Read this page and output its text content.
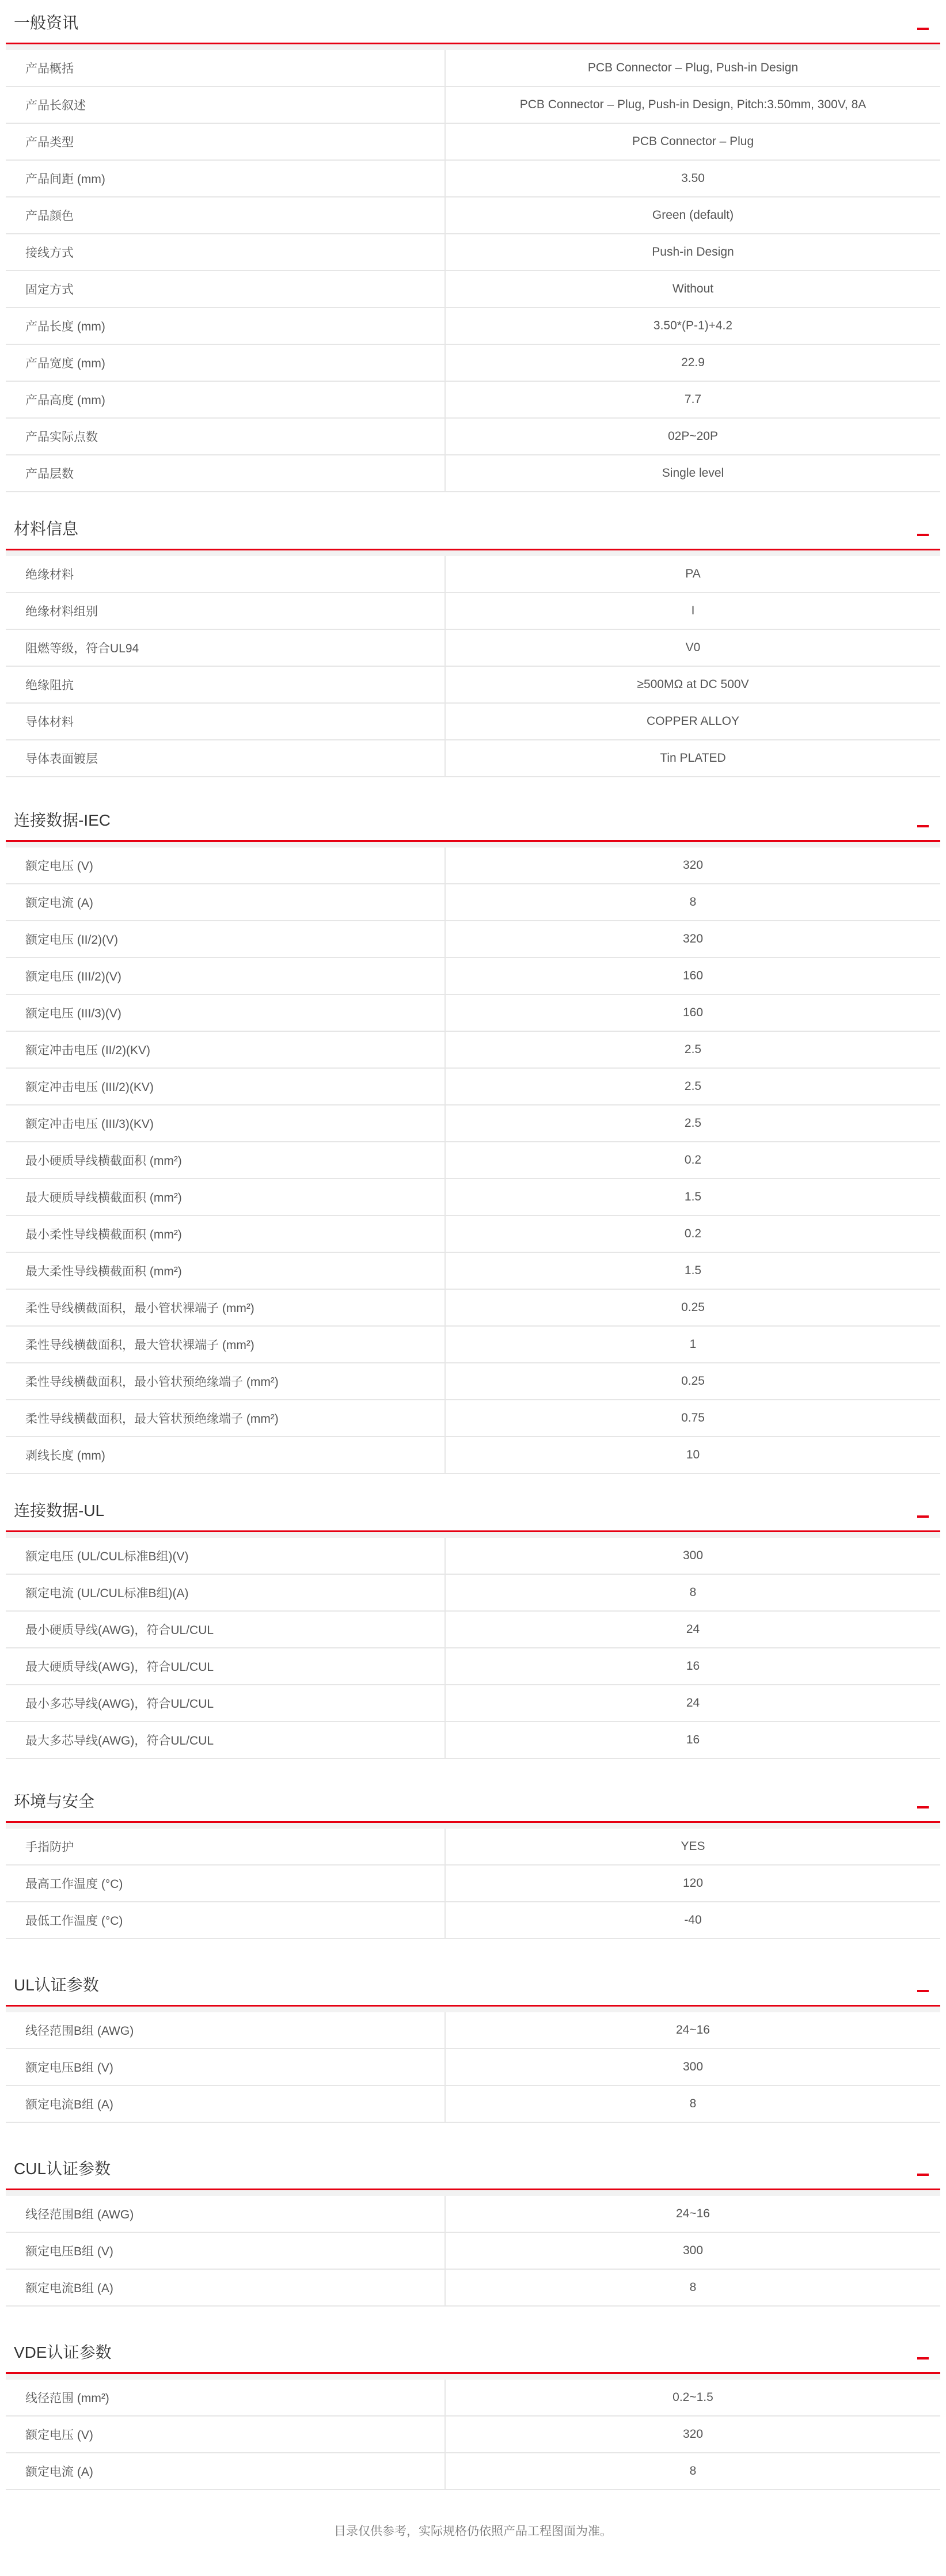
一般资讯
产品概括	PCB Connector – Plug, Push-in Design
产品长叙述	PCB Connector – Plug, Push-in Design, Pitch:3.50mm, 300V, 8A
产品类型	PCB Connector – Plug
产品间距 (mm)	3.50
产品颜色	Green (default)
接线方式	Push-in Design
固定方式	Without
产品长度 (mm)	3.50*(P-1)+4.2
产品宽度 (mm)	22.9
产品高度 (mm)	7.7
产品实际点数	02P~20P
产品层数	Single level
材料信息
绝缘材料	PA
绝缘材料组别	I
阻燃等级，符合UL94	V0
绝缘阻抗	≥500MΩ at DC 500V
导体材料	COPPER ALLOY
导体表面镀层	Tin PLATED
连接数据-IEC
额定电压 (V)	320
额定电流 (A)	8
额定电压 (II/2)(V)	320
额定电压 (III/2)(V)	160
额定电压 (III/3)(V)	160
额定冲击电压 (II/2)(KV)	2.5
额定冲击电压 (III/2)(KV)	2.5
额定冲击电压 (III/3)(KV)	2.5
最小硬质导线横截面积 (mm²)	0.2
最大硬质导线横截面积 (mm²)	1.5
最小柔性导线横截面积 (mm²)	0.2
最大柔性导线横截面积 (mm²)	1.5
柔性导线横截面积，最小管状裸端子 (mm²)	0.25
柔性导线横截面积，最大管状裸端子 (mm²)	1
柔性导线横截面积，最小管状预绝缘端子 (mm²)	0.25
柔性导线横截面积，最大管状预绝缘端子 (mm²)	0.75
剥线长度 (mm)	10
连接数据-UL
额定电压 (UL/CUL标准B组)(V)	300
额定电流 (UL/CUL标准B组)(A)	8
最小硬质导线(AWG)，符合UL/CUL	24
最大硬质导线(AWG)，符合UL/CUL	16
最小多芯导线(AWG)，符合UL/CUL	24
最大多芯导线(AWG)，符合UL/CUL	16
环境与安全
手指防护	YES
最高工作温度 (°C)	120
最低工作温度 (°C)	-40
UL认证参数
线径范围B组 (AWG)	24~16
额定电压B组 (V)	300
额定电流B组 (A)	8
CUL认证参数
线径范围B组 (AWG)	24~16
额定电压B组 (V)	300
额定电流B组 (A)	8
VDE认证参数
线径范围 (mm²)	0.2~1.5
额定电压 (V)	320
额定电流 (A)	8
目录仅供参考，实际规格仍依照产品工程图面为准。
